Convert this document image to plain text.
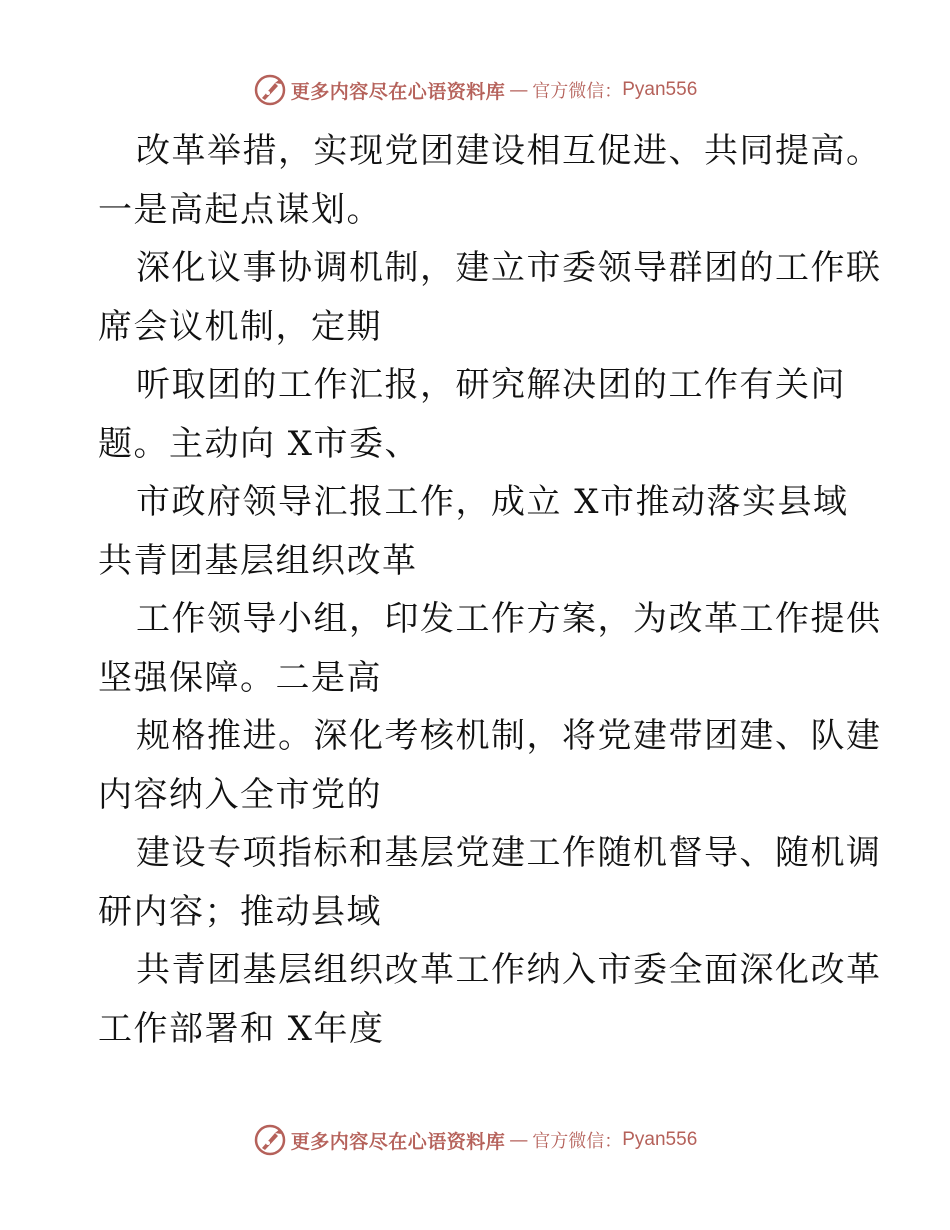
更多内容尽在心语资料库 — 官方微信： Pyan556
改革举措，实现党团建设相互促进、共同提高。
一是高起点谋划。
深化议事协调机制，建立市委领导群团的工作联
席会议机制，定期
听取团的工作汇报，研究解决团的工作有关问
题。主动向 X市委、
市政府领导汇报工作，成立 X市推动落实县域
共青团基层组织改革
工作领导小组，印发工作方案，为改革工作提供
坚强保障。二是高
规格推进。深化考核机制，将党建带团建、队建
内容纳入全市党的
建设专项指标和基层党建工作随机督导、随机调
研内容；推动县域
共青团基层组织改革工作纳入市委全面深化改革
工作部署和 X年度
更多内容尽在心语资料库 — 官方微信： Pyan556
